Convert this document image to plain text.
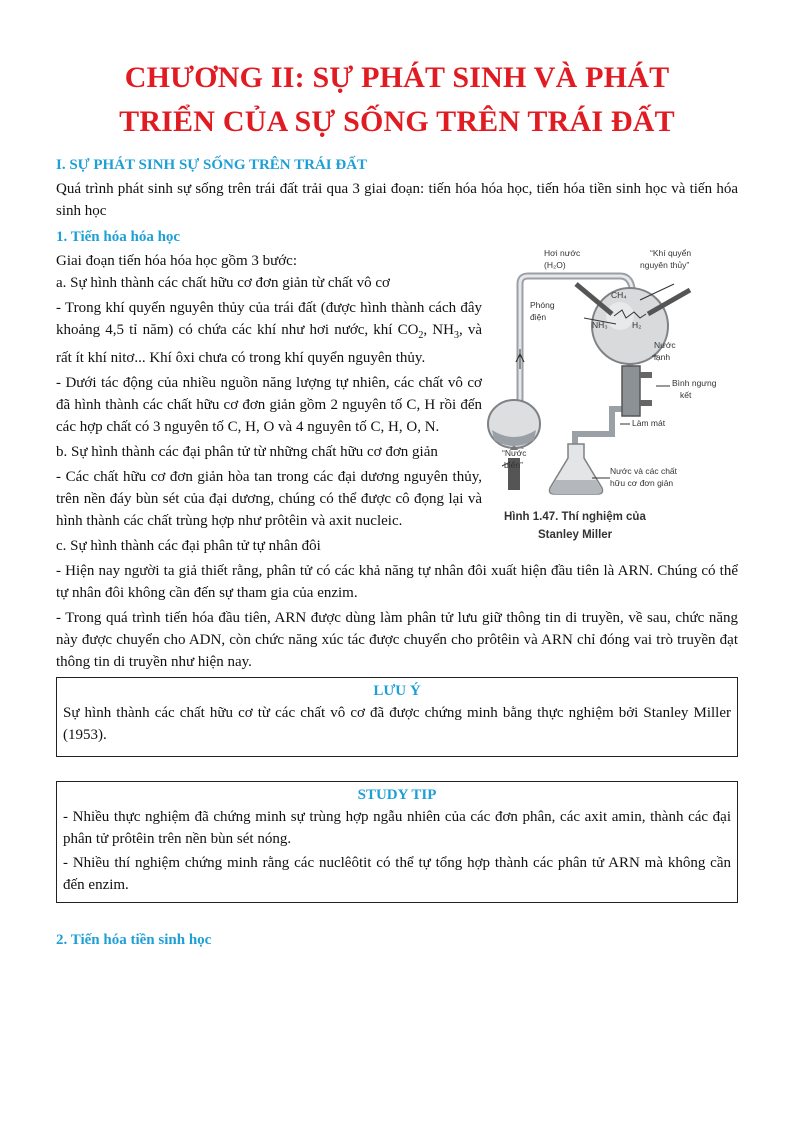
CHƯƠNG II: SỰ PHÁT SINH VÀ PHÁT
TRIỂN CỦA SỰ SỐNG TRÊN TRÁI ĐẤT
I. SỰ PHÁT SINH SỰ SỐNG TRÊN TRÁI ĐẤT

Quá trình phát sinh sự sống trên trái đất trải qua 3 giai đoạn: tiến hóa hóa học, tiến hóa tiền sinh học và tiến hóa sinh học

1. Tiến hóa hóa học

Giai đoạn tiến hóa hóa học gồm 3 bước:

a. Sự hình thành các chất hữu cơ đơn giản từ chất vô cơ

- Trong khí quyển nguyên thủy của trái đất (được hình thành cách đây khoảng 4,5 tỉ năm) có chứa các khí như hơi nước, khí $CO_2$, $NH_3$, và rất ít khí nitơ... Khí ôxi chưa có trong khí quyển nguyên thủy.

- Dưới tác động của nhiều nguồn năng lượng tự nhiên, các chất vô cơ đã hình thành các chất hữu cơ đơn giản gồm 2 nguyên tố C, H rồi đến các hợp chất có 3 nguyên tố C, H, O và 4 nguyên tố C, H, O, N.

b. Sự hình thành các đại phân tử từ những chất hữu cơ đơn giản

- Các chất hữu cơ đơn giản hòa tan trong các đại dương nguyên thủy, trên nền đáy bùn sét của đại dương, chúng có thể được cô đọng lại và hình thành các chất trùng hợp như prôtêin và axit nucleic.

Hơi nước
(H₂O)
“Khí quyển
nguyên thủy”
Phóng
điện
CH₄
NH₃	H₂
Nước
lạnh
Bình ngưng
kết
Làm mát
“Nước
biển”
Nước và các chất
hữu cơ đơn giản
Hình 1.47. Thí nghiệm của
Stanley Miller

c. Sự hình thành các đại phân tử tự nhân đôi

- Hiện nay người ta giả thiết rằng, phân tử có các khả năng tự nhân đôi xuất hiện đầu tiên là ARN. Chúng có thể tự nhân đôi không cần đến sự tham gia của enzim.

- Trong quá trình tiến hóa đầu tiên, ARN được dùng làm phân tử lưu giữ thông tin di truyền, về sau, chức năng này được chuyển cho ADN, còn chức năng xúc tác được chuyển cho prôtêin và ARN chỉ đóng vai trò truyền đạt thông tin di truyền như hiện nay.

LƯU Ý

Sự hình thành các chất hữu cơ từ các chất vô cơ đã được chứng minh bằng thực nghiệm bởi Stanley Miller (1953).

STUDY TIP

- Nhiều thực nghiệm đã chứng minh sự trùng hợp ngẫu nhiên của các đơn phân, các axit amin, thành các đại phân tử prôtêin trên nền bùn sét nóng.

- Nhiều thí nghiệm chứng minh rằng các nuclêôtit có thể tự tổng hợp thành các phân tử ARN mà không cần đến enzim.

2. Tiến hóa tiền sinh học
